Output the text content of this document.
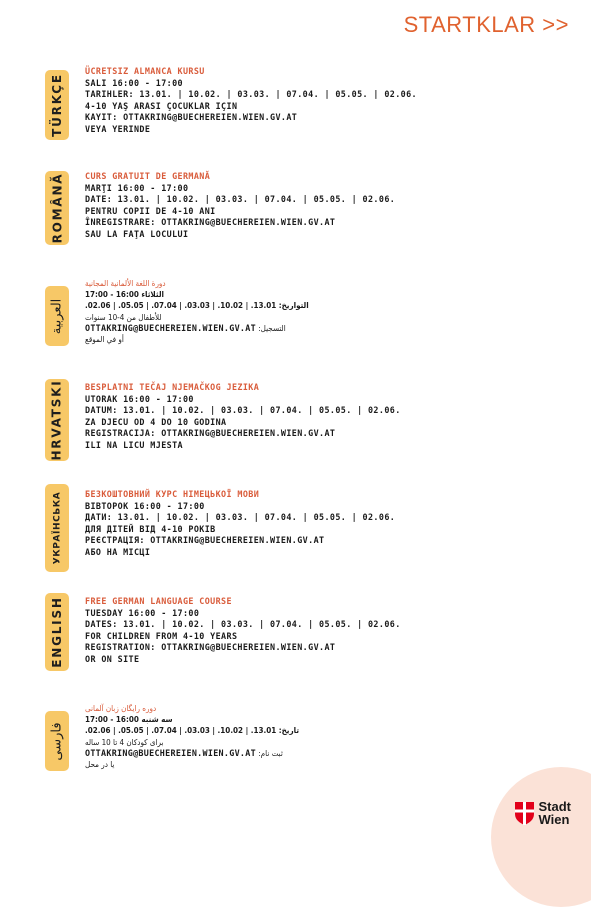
STARTKLAR >>
TÜRKÇE
ÜCRETSIZ ALMANCA KURSU
SALI 16:00 - 17:00
TARIHLER: 13.01. | 10.02. | 03.03. | 07.04. | 05.05. | 02.06.
4-10 YAŞ ARASI ÇOCUKLAR IÇIN
KAYIT: OTTAKRING@BUECHEREIEN.WIEN.GV.AT
VEYA YERINDE
ROMÂNĂ	CURS GRATUIT DE GERMANĂ
MARŢI 16:00 - 17:00
DATE: 13.01. | 10.02. | 03.03. | 07.04. | 05.05. | 02.06.
PENTRU COPII DE 4-10 ANI
ÎNREGISTRARE: OTTAKRING@BUECHEREIEN.WIEN.GV.AT
SAU LA FAŢA LOCULUI
العربية
دورة اللغة الألمانية المجانية
الثلاثاء 16:00 - 17:00
التواريخ: 13.01. | 10.02. | 03.03. | 07.04. | 05.05. | 02.06.
للأطفال من 4-10 سنوات
OTTAKRING@BUECHEREIEN.WIEN.GV.AT التسجيل:
أو في الموقع
HRVATSKI BESPLATNI TEČAJ NJEMAČKOG JEZIKA
UTORAK 16:00 - 17:00
DATUM: 13.01. | 10.02. | 03.03. | 07.04. | 05.05. | 02.06.
ZA DJECU OD 4 DO 10 GODINA
REGISTRACIJA: OTTAKRING@BUECHEREIEN.WIEN.GV.AT
ILI NA LICU MJESTA
УКРАЇНСЬКА	БЕЗКОШТОВНИЙ КУРС НІМЕЦЬКОЇ МОВИ
ВІВТОРОК 16:00 - 17:00
ДАТИ: 13.01. | 10.02. | 03.03. | 07.04. | 05.05. | 02.06.
ДЛЯ ДІТЕЙ ВІД 4-10 РОКІВ
РЕЄСТРАЦІЯ: OTTAKRING@BUECHEREIEN.WIEN.GV.AT
АБО НА МІСЦІ
ENGLISH	FREE GERMAN LANGUAGE COURSE
TUESDAY 16:00 - 17:00
DATES: 13.01. | 10.02. | 03.03. | 07.04. | 05.05. | 02.06.
FOR CHILDREN FROM 4-10 YEARS
REGISTRATION: OTTAKRING@BUECHEREIEN.WIEN.GV.AT
OR ON SITE
فارسی
دوره رایگان زبان آلمانی
سه شنبه 16:00 - 17:00
تاریخ: 13.01. | 10.02. | 03.03. | 07.04. | 05.05. | 02.06.
برای کودکان 4 تا 10 ساله
OTTAKRING@BUECHEREIEN.WIEN.GV.AT ثبت نام:
یا در محل
Stadt
Wien
